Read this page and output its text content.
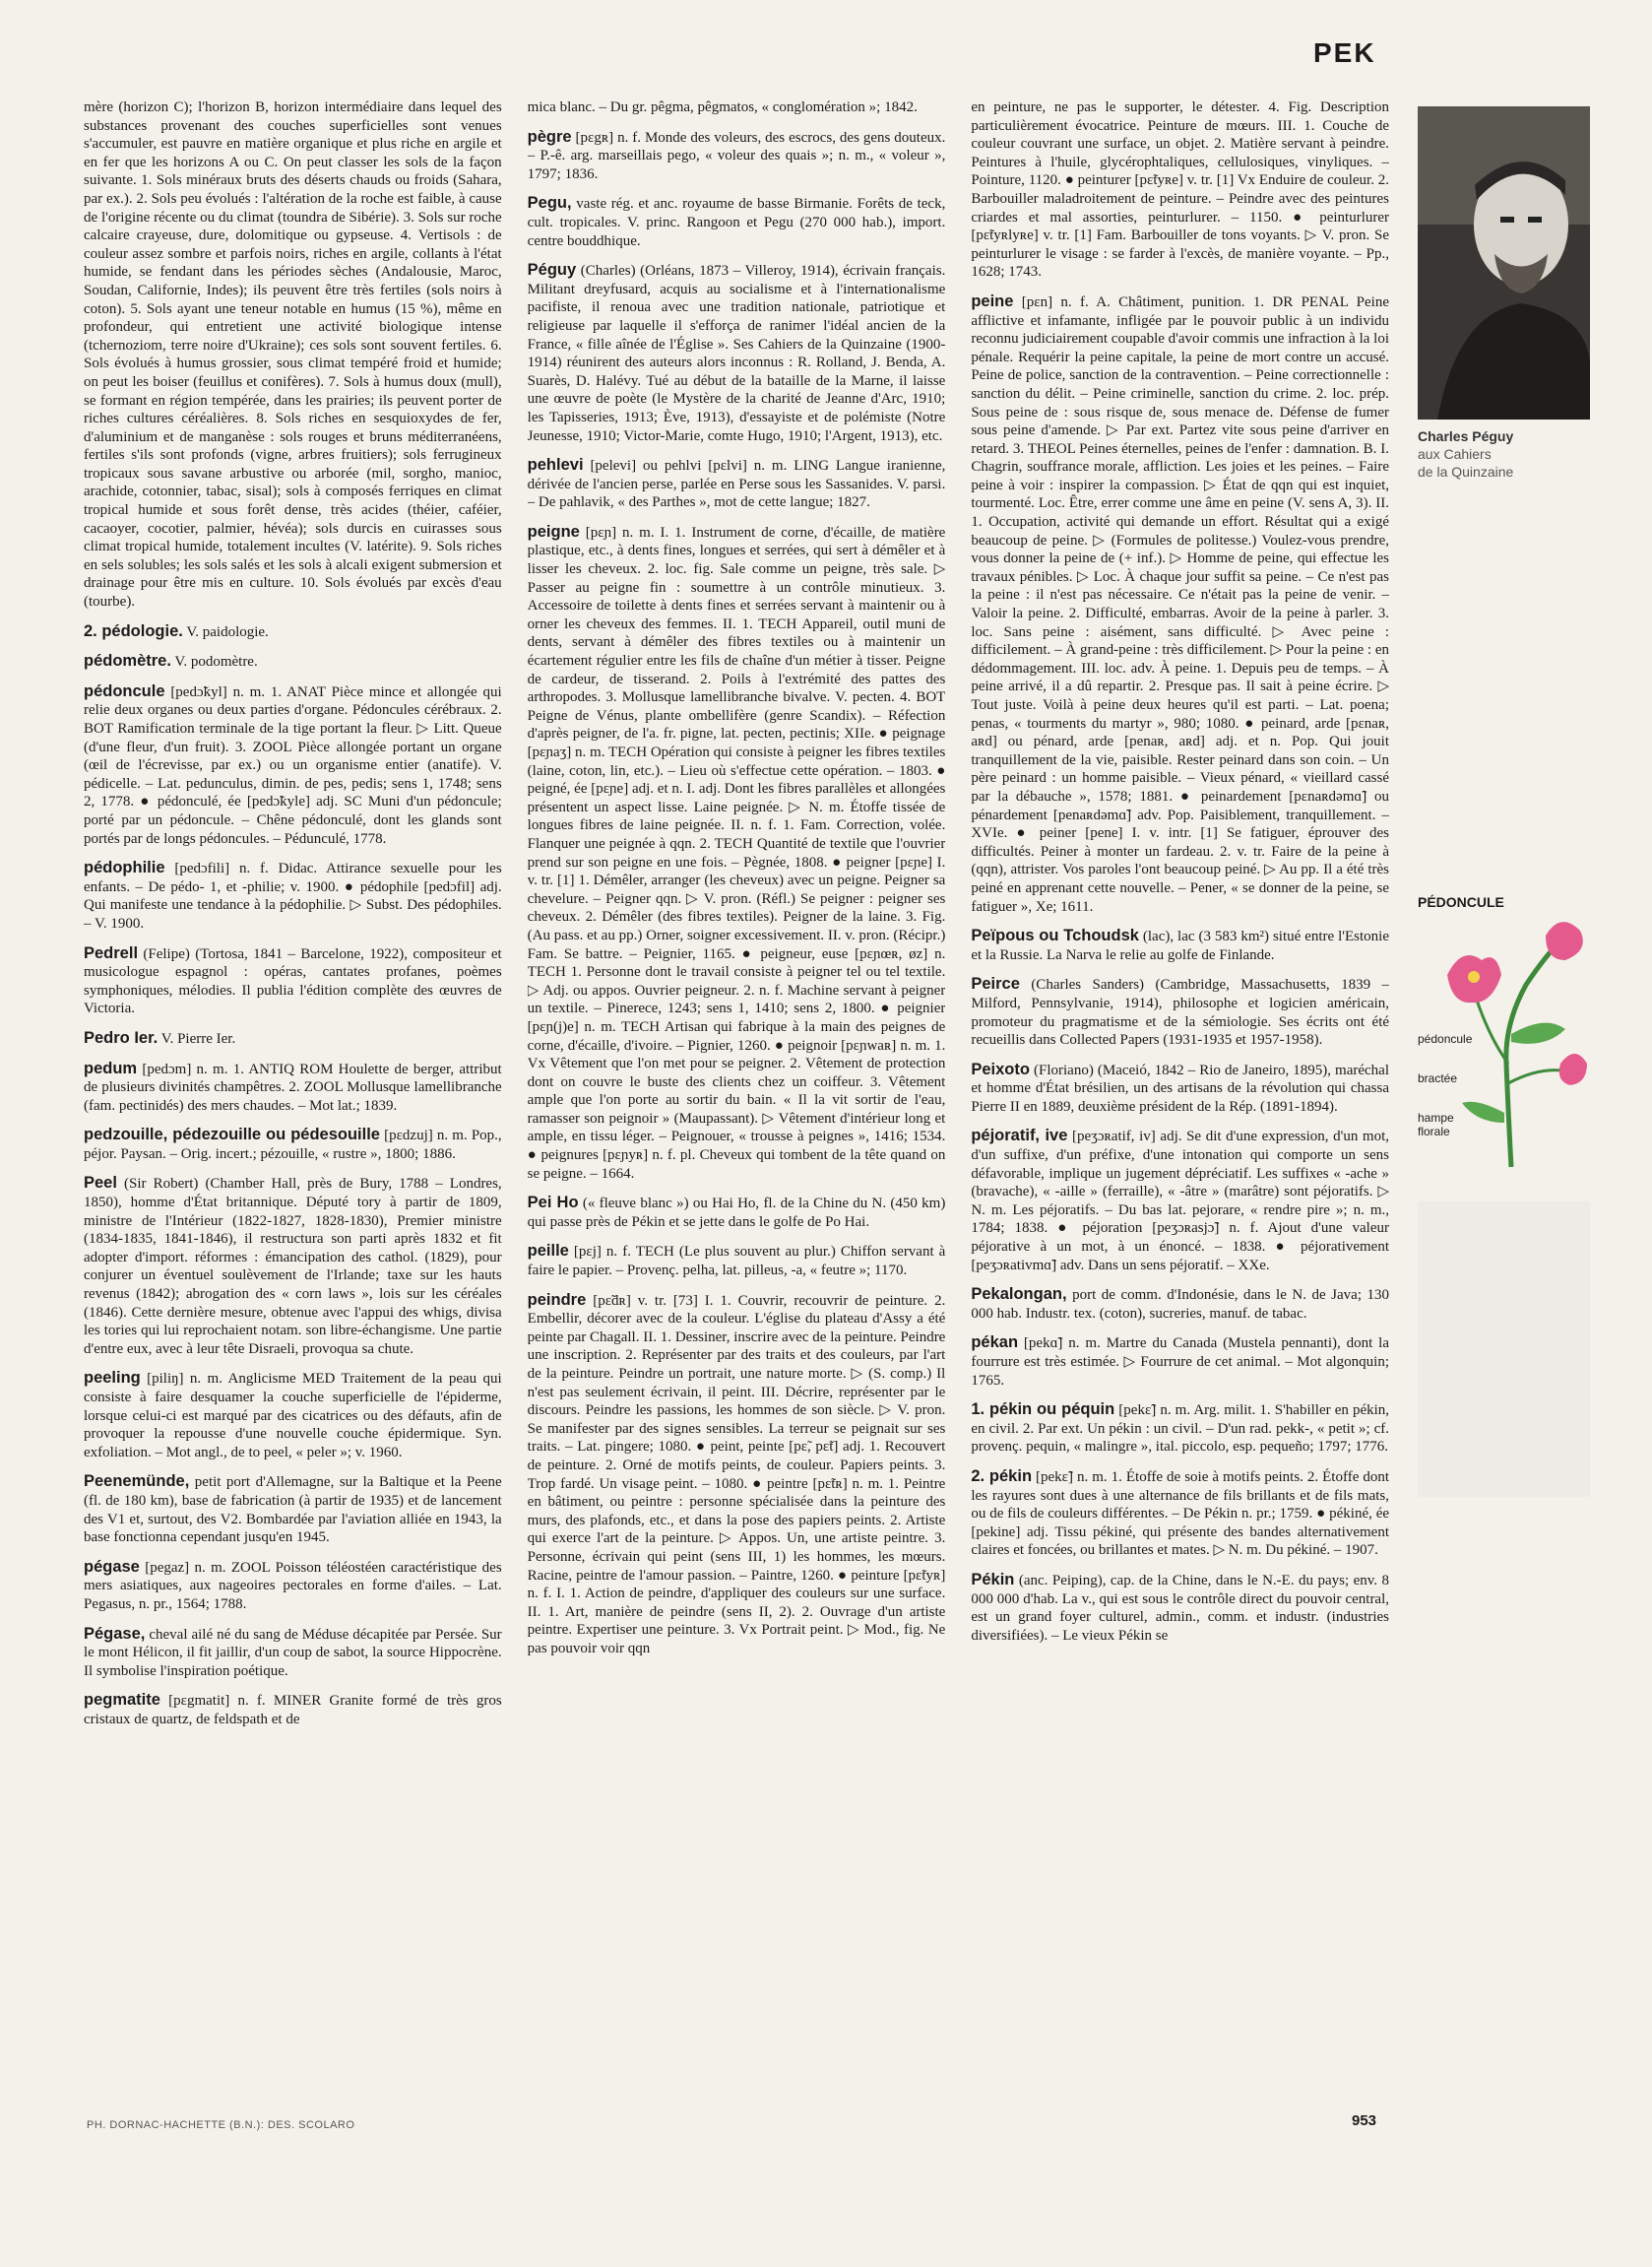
PEK

mère (horizon C); l'horizon B, horizon intermédiaire dans lequel des substances provenant des couches superficielles sont venues s'accumuler, est pauvre en matière organique et plus riche en argile et en fer que les horizons A ou C. On peut classer les sols de la façon suivante. 1. Sols minéraux bruts des déserts chauds ou froids (Sahara, par ex.). 2. Sols peu évolués : l'altération de la roche est faible, à cause de l'origine récente ou du climat (toundra de Sibérie). 3. Sols sur roche calcaire crayeuse, dure, dolomitique ou gypseuse. 4. Vertisols : de couleur assez sombre et parfois noirs, riches en argile, collants à l'état humide, se fendant dans les périodes sèches (Andalousie, Maroc, Soudan, Californie, Indes); ils peuvent être très fertiles (sols noirs à coton). 5. Sols ayant une teneur notable en humus (15 %), même en profondeur, qui entretient une activité biologique intense (tchernoziom, terre noire d'Ukraine); ces sols sont souvent fertiles. 6. Sols évolués à humus grossier, sous climat tempéré froid et humide; on peut les boiser (feuillus et conifères). 7. Sols à humus doux (mull), se formant en région tempérée, dans les prairies; ils peuvent porter de riches cultures céréalières. 8. Sols riches en sesquioxydes de fer, d'aluminium et de manganèse : sols rouges et bruns méditerranéens, fertiles s'ils sont profonds (vigne, arbres fruitiers); sols ferrugineux tropicaux sous savane arbustive ou arborée (mil, sorgho, manioc, arachide, cotonnier, tabac, sisal); sols à composés ferriques en climat tropical humide et sous forêt dense, très acides (théier, caféier, cacaoyer, cocotier, palmier, hévéa); sols durcis en cuirasses sous climat tropical humide, totalement incultes (V. latérite). 9. Sols riches en sels solubles; les sols salés et les sols à alcali exigent submersion et drainage pour être mis en culture. 10. Sols évolués par excès d'eau (tourbe).

2. pédologie. V. paidologie.

pédomètre. V. podomètre.

pédoncule [pedɔ̃kyl] n. m. 1. ANAT Pièce mince et allongée qui relie deux organes ou deux parties d'organe. Pédoncules cérébraux. 2. BOT Ramification terminale de la tige portant la fleur. ▷ Litt. Queue (d'une fleur, d'un fruit). 3. ZOOL Pièce allongée portant un organe (œil de l'écrevisse, par ex.) ou un organisme entier (anatife). V. pédicelle. – Lat. pedunculus, dimin. de pes, pedis; sens 1, 1748; sens 2, 1778. ● pédonculé, ée [pedɔ̃kyle] adj. SC Muni d'un pédoncule; porté par un pédoncule. – Chêne pédonculé, dont les glands sont portés par de longs pédoncules. – Pédunculé, 1778.

pédophilie [pedɔfili] n. f. Didac. Attirance sexuelle pour les enfants. – De pédo- 1, et -philie; v. 1900. ● pédophile [pedɔfil] adj. Qui manifeste une tendance à la pédophilie. ▷ Subst. Des pédophiles. – V. 1900.

Pedrell (Felipe) (Tortosa, 1841 – Barcelone, 1922), compositeur et musicologue espagnol : opéras, cantates profanes, poèmes symphoniques, mélodies. Il publia l'édition complète des œuvres de Victoria.

Pedro Ier. V. Pierre Ier.

pedum [pedɔm] n. m. 1. ANTIQ ROM Houlette de berger, attribut de plusieurs divinités champêtres. 2. ZOOL Mollusque lamellibranche (fam. pectinidés) des mers chaudes. – Mot lat.; 1839.

pedzouille, pédezouille ou pédesouille [pɛdzuj] n. m. Pop., péjor. Paysan. – Orig. incert.; pézouille, « rustre », 1800; 1886.

Peel (Sir Robert) (Chamber Hall, près de Bury, 1788 – Londres, 1850), homme d'État britannique. Député tory à partir de 1809, ministre de l'Intérieur (1822-1827, 1828-1830), Premier ministre (1834-1835, 1841-1846), il restructura son parti après 1832 et fit adopter d'import. réformes : émancipation des cathol. (1829), pour conjurer un éventuel soulèvement de l'Irlande; taxe sur les hauts revenus (1842); abrogation des « corn laws », lois sur les céréales (1846). Cette dernière mesure, obtenue avec l'appui des whigs, divisa les tories qui lui reprochaient notam. son libre-échangisme. Une partie d'entre eux, avec à leur tête Disraeli, provoqua sa chute.

peeling [piliŋ] n. m. Anglicisme MED Traitement de la peau qui consiste à faire desquamer la couche superficielle de l'épiderme, lorsque celui-ci est marqué par des cicatrices ou des défauts, afin de provoquer la repousse d'une nouvelle couche épidermique. Syn. exfoliation. – Mot angl., de to peel, « peler »; v. 1960.

Peenemünde, petit port d'Allemagne, sur la Baltique et la Peene (fl. de 180 km), base de fabrication (à partir de 1935) et de lancement des V1 et, surtout, des V2. Bombardée par l'aviation alliée en 1943, la base fonctionna cependant jusqu'en 1945.

pégase [pegaz] n. m. ZOOL Poisson téléostéen caractéristique des mers asiatiques, aux nageoires pectorales en forme d'ailes. – Lat. Pegasus, n. pr., 1564; 1788.

Pégase, cheval ailé né du sang de Méduse décapitée par Persée. Sur le mont Hélicon, il fit jaillir, d'un coup de sabot, la source Hippocrène. Il symbolise l'inspiration poétique.

pegmatite [pɛgmatit] n. f. MINER Granite formé de très gros cristaux de quartz, de feldspath et de

mica blanc. – Du gr. pêgma, pêgmatos, « conglomération »; 1842.

pègre [pɛgʀ] n. f. Monde des voleurs, des escrocs, des gens douteux. – P.-ê. arg. marseillais pego, « voleur des quais »; n. m., « voleur », 1797; 1836.

Pegu, vaste rég. et anc. royaume de basse Birmanie. Forêts de teck, cult. tropicales. V. princ. Rangoon et Pegu (270 000 hab.), import. centre bouddhique.

Péguy (Charles) (Orléans, 1873 – Villeroy, 1914), écrivain français. Militant dreyfusard, acquis au socialisme et à l'internationalisme pacifiste, il renoua avec une tradition nationale, patriotique et religieuse par laquelle il s'efforça de ranimer l'idéal ancien de la France, « fille aînée de l'Église ». Ses Cahiers de la Quinzaine (1900-1914) réunirent des auteurs alors inconnus : R. Rolland, J. Benda, A. Suarès, D. Halévy. Tué au début de la bataille de la Marne, il laisse une œuvre de poète (le Mystère de la charité de Jeanne d'Arc, 1910; les Tapisseries, 1913; Ève, 1913), d'essayiste et de polémiste (Notre Jeunesse, 1910; Victor-Marie, comte Hugo, 1910; l'Argent, 1913), etc.

pehlevi [pelevi] ou pehlvi [pɛlvi] n. m. LING Langue iranienne, dérivée de l'ancien perse, parlée en Perse sous les Sassanides. V. parsi. – De pahlavik, « des Parthes », mot de cette langue; 1827.

peigne [pɛɲ] n. m. I. 1. Instrument de corne, d'écaille, de matière plastique, etc., à dents fines, longues et serrées, qui sert à démêler et à lisser les cheveux. 2. loc. fig. Sale comme un peigne, très sale. ▷ Passer au peigne fin : soumettre à un contrôle minutieux. 3. Accessoire de toilette à dents fines et serrées servant à maintenir ou à orner les cheveux des femmes. II. 1. TECH Appareil, outil muni de dents, servant à démêler des fibres textiles ou à maintenir un écartement régulier entre les fils de chaîne d'un métier à tisser. Peigne de cardeur, de tisserand. 2. Poils à l'extrémité des pattes des arthropodes. 3. Mollusque lamellibranche bivalve. V. pecten. 4. BOT Peigne de Vénus, plante ombellifère (genre Scandix). – Réfection d'après peigner, de l'a. fr. pigne, lat. pecten, pectinis; XIIe. ● peignage [pɛɲaʒ] n. m. TECH Opération qui consiste à peigner les fibres textiles (laine, coton, lin, etc.). – Lieu où s'effectue cette opération. – 1803. ● peigné, ée [pɛɲe] adj. et n. I. adj. Dont les fibres parallèles et allongées présentent un aspect lisse. Laine peignée. ▷ N. m. Étoffe tissée de longues fibres de laine peignée. II. n. f. 1. Fam. Correction, volée. Flanquer une peignée à qqn. 2. TECH Quantité de textile que l'ouvrier prend sur son peigne en une fois. – Pègnée, 1808. ● peigner [pɛɲe] I. v. tr. [1] 1. Démêler, arranger (les cheveux) avec un peigne. Peigner sa chevelure. – Peigner qqn. ▷ V. pron. (Réfl.) Se peigner : peigner ses cheveux. 2. Démêler (des fibres textiles). Peigner de la laine. 3. Fig. (Au pass. et au pp.) Orner, soigner excessivement. II. v. pron. (Récipr.) Fam. Se battre. – Peignier, 1165. ● peigneur, euse [pɛɲœʀ, øz] n. TECH 1. Personne dont le travail consiste à peigner tel ou tel textile. ▷ Adj. ou appos. Ouvrier peigneur. 2. n. f. Machine servant à peigner un textile. – Pinerece, 1243; sens 1, 1410; sens 2, 1800. ● peignier [pɛɲ(j)e] n. m. TECH Artisan qui fabrique à la main des peignes de corne, d'écaille, d'ivoire. – Pignier, 1260. ● peignoir [pɛɲwaʀ] n. m. 1. Vx Vêtement que l'on met pour se peigner. 2. Vêtement de protection dont on couvre le buste des clients chez un coiffeur. 3. Vêtement ample que l'on porte au sortir du bain. « Il la vit sortir de l'eau, ramasser son peignoir » (Maupassant). ▷ Vêtement d'intérieur long et ample, en tissu léger. – Peignouer, « trousse à peignes », 1416; 1534. ● peignures [pɛɲyʀ] n. f. pl. Cheveux qui tombent de la tête quand on se peigne. – 1664.

Pei Ho (« fleuve blanc ») ou Hai Ho, fl. de la Chine du N. (450 km) qui passe près de Pékin et se jette dans le golfe de Po Hai.

peille [pɛj] n. f. TECH (Le plus souvent au plur.) Chiffon servant à faire le papier. – Provenç. pelha, lat. pilleus, -a, « feutre »; 1170.

peindre [pɛ̃dʀ] v. tr. [73] I. 1. Couvrir, recouvrir de peinture. 2. Embellir, décorer avec de la couleur. L'église du plateau d'Assy a été peinte par Chagall. II. 1. Dessiner, inscrire avec de la peinture. Peindre une inscription. 2. Représenter par des traits et des couleurs, par l'art de la peinture. Peindre un portrait, une nature morte. ▷ (S. comp.) Il n'est pas seulement écrivain, il peint. III. Décrire, représenter par le discours. Peindre les passions, les hommes de son siècle. ▷ V. pron. Se manifester par des signes sensibles. La terreur se peignait sur ses traits. – Lat. pingere; 1080. ● peint, peinte [pɛ̃, pɛ̃t] adj. 1. Recouvert de peinture. 2. Orné de motifs peints, de couleur. Papiers peints. 3. Trop fardé. Un visage peint. – 1080. ● peintre [pɛ̃tʀ] n. m. 1. Peintre en bâtiment, ou peintre : personne spécialisée dans la peinture des murs, des plafonds, etc., et dans la pose des papiers peints. 2. Artiste qui exerce l'art de la peinture. ▷ Appos. Un, une artiste peintre. 3. Personne, écrivain qui peint (sens III, 1) les hommes, les mœurs. Racine, peintre de l'amour passion. – Paintre, 1260. ● peinture [pɛ̃tyʀ] n. f. I. 1. Action de peindre, d'appliquer des couleurs sur une surface. II. 1. Art, manière de peindre (sens II, 2). 2. Ouvrage d'un artiste peintre. Expertiser une peinture. 3. Vx Portrait peint. ▷ Mod., fig. Ne pas pouvoir voir qqn

en peinture, ne pas le supporter, le détester. 4. Fig. Description particulièrement évocatrice. Peinture de mœurs. III. 1. Couche de couleur couvrant une surface, un objet. 2. Matière servant à peindre. Peintures à l'huile, glycérophtaliques, cellulosiques, vinyliques. – Pointure, 1120. ● peinturer [pɛ̃tyʀe] v. tr. [1] Vx Enduire de couleur. 2. Barbouiller maladroitement de peinture. – Peindre avec des peintures criardes et mal assorties, peinturlurer. – 1150. ● peinturlurer [pɛ̃tyʀlyʀe] v. tr. [1] Fam. Barbouiller de tons voyants. ▷ V. pron. Se peinturlurer le visage : se farder à l'excès, de manière voyante. – Pp., 1628; 1743.

peine [pɛn] n. f. A. Châtiment, punition. 1. DR PENAL Peine afflictive et infamante, infligée par le pouvoir public à un individu reconnu judiciairement coupable d'avoir commis une infraction à la loi pénale. Requérir la peine capitale, la peine de mort contre un accusé. Peine de police, sanction de la contravention. – Peine correctionnelle : sanction du délit. – Peine criminelle, sanction du crime. 2. loc. prép. Sous peine de : sous risque de, sous menace de. Défense de fumer sous peine d'amende. ▷ Par ext. Partez vite sous peine d'arriver en retard. 3. THEOL Peines éternelles, peines de l'enfer : damnation. B. I. Chagrin, souffrance morale, affliction. Les joies et les peines. – Faire peine à voir : inspirer la compassion. ▷ État de qqn qui est inquiet, tourmenté. Loc. Être, errer comme une âme en peine (V. sens A, 3). II. 1. Occupation, activité qui demande un effort. Résultat qui a exigé beaucoup de peine. ▷ (Formules de politesse.) Voulez-vous prendre, vous donner la peine de (+ inf.). ▷ Homme de peine, qui effectue les travaux pénibles. ▷ Loc. À chaque jour suffit sa peine. – Ce n'est pas la peine : il n'est pas nécessaire. Ce n'était pas la peine de venir. – Valoir la peine. 2. Difficulté, embarras. Avoir de la peine à parler. 3. loc. Sans peine : aisément, sans difficulté. ▷ Avec peine : difficilement. – À grand-peine : très difficilement. ▷ Pour la peine : en dédommagement. III. loc. adv. À peine. 1. Depuis peu de temps. – À peine arrivé, il a dû repartir. 2. Presque pas. Il sait à peine écrire. ▷ Tout juste. Voilà à peine deux heures qu'il est parti. – Lat. poena; penas, « tourments du martyr », 980; 1080. ● peinard, arde [pɛnaʀ, aʀd] ou pénard, arde [penaʀ, aʀd] adj. et n. Pop. Qui jouit tranquillement de la vie, paisible. Rester peinard dans son coin. – Un père peinard : un homme paisible. – Vieux pénard, « vieillard cassé par la débauche », 1578; 1881. ● peinardement [pɛnaʀdəmɑ̃] ou pénardement [penaʀdəmɑ̃] adv. Pop. Paisiblement, tranquillement. – XVIe. ● peiner [pene] I. v. intr. [1] Se fatiguer, éprouver des difficultés. Peiner à monter un fardeau. 2. v. tr. Faire de la peine à (qqn), attrister. Vos paroles l'ont beaucoup peiné. ▷ Au pp. Il a été très peiné en apprenant cette nouvelle. – Pener, « se donner de la peine, se fatiguer », Xe; 1611.

Peïpous ou Tchoudsk (lac), lac (3 583 km²) situé entre l'Estonie et la Russie. La Narva le relie au golfe de Finlande.

Peirce (Charles Sanders) (Cambridge, Massachusetts, 1839 – Milford, Pennsylvanie, 1914), philosophe et logicien américain, promoteur du pragmatisme et de la sémiologie. Ses écrits ont été recueillis dans Collected Papers (1931-1935 et 1957-1958).

Peixoto (Floriano) (Maceió, 1842 – Rio de Janeiro, 1895), maréchal et homme d'État brésilien, un des artisans de la révolution qui chassa Pierre II en 1889, deuxième président de la Rép. (1891-1894).

péjoratif, ive [peʒɔʀatif, iv] adj. Se dit d'une expression, d'un mot, d'un suffixe, d'un préfixe, d'une intonation qui comporte un sens défavorable, implique un jugement dépréciatif. Les suffixes « -ache » (bravache), « -aille » (ferraille), « -âtre » (marâtre) sont péjoratifs. ▷ N. m. Les péjoratifs. – Du bas lat. pejorare, « rendre pire »; n. m., 1784; 1838. ● péjoration [peʒɔʀasjɔ̃] n. f. Ajout d'une valeur péjorative à un mot, à un énoncé. – 1838. ● péjorativement [peʒɔʀativmɑ̃] adv. Dans un sens péjoratif. – XXe.

Pekalongan, port de comm. d'Indonésie, dans le N. de Java; 130 000 hab. Industr. tex. (coton), sucreries, manuf. de tabac.

pékan [pekɑ̃] n. m. Martre du Canada (Mustela pennanti), dont la fourrure est très estimée. ▷ Fourrure de cet animal. – Mot algonquin; 1765.

1. pékin ou péquin [pekɛ̃] n. m. Arg. milit. 1. S'habiller en pékin, en civil. 2. Par ext. Un pékin : un civil. – D'un rad. pekk-, « petit »; cf. provenç. pequin, « malingre », ital. piccolo, esp. pequeño; 1797; 1776.

2. pékin [pekɛ̃] n. m. 1. Étoffe de soie à motifs peints. 2. Étoffe dont les rayures sont dues à une alternance de fils brillants et de fils mats, ou de fils de couleurs différentes. – De Pékin n. pr.; 1759. ● pékiné, ée [pekine] adj. Tissu pékiné, qui présente des bandes alternativement claires et foncées, ou brillantes et mates. ▷ N. m. Du pékiné. – 1907.

Pékin (anc. Peiping), cap. de la Chine, dans le N.-E. du pays; env. 8 000 000 d'hab. La v., qui est sous le contrôle direct du pouvoir central, est un grand foyer culturel, admin., comm. et industr. (industries diversifiées). – Le vieux Pékin se

Charles Péguy
aux Cahiers
de la Quinzaine
PÉDONCULE
pédoncule
bractée
hampe florale
PH. DORNAC-HACHETTE (B.N.): DES. SCOLARO	953
